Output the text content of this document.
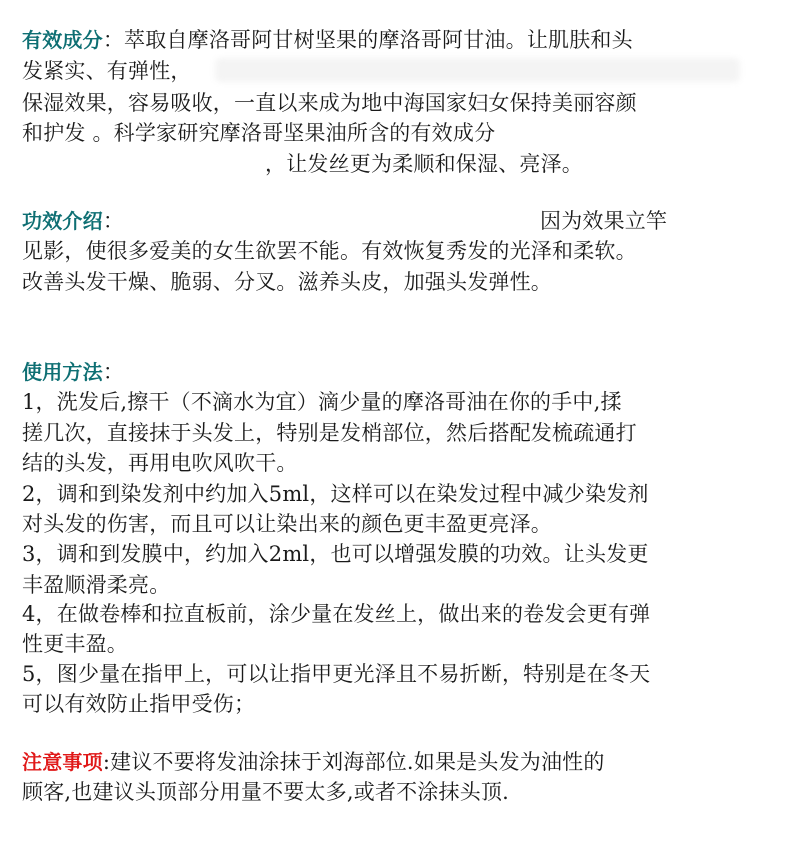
有效成分：萃取自摩洛哥阿甘树坚果的摩洛哥阿甘油。让肌肤和头
发紧实、有弹性，
保湿效果，容易吸收，一直以来成为地中海国家妇女保持美丽容颜
和护发 。科学家研究摩洛哥坚果油所含的有效成分
，让发丝更为柔顺和保湿、亮泽。
功效介绍：	因为效果立竿
见影，使很多爱美的女生欲罢不能。有效恢复秀发的光泽和柔软。
改善头发干燥、脆弱、分叉。滋养头皮，加强头发弹性。
使用方法：
1，洗发后,擦干（不滴水为宜）滴少量的摩洛哥油在你的手中,揉
搓几次，直接抹于头发上，特别是发梢部位，然后搭配发梳疏通打
结的头发，再用电吹风吹干。
2，调和到染发剂中约加入5ml，这样可以在染发过程中减少染发剂
对头发的伤害，而且可以让染出来的颜色更丰盈更亮泽。
3，调和到发膜中，约加入2ml，也可以增强发膜的功效。让头发更
丰盈顺滑柔亮。
4，在做卷棒和拉直板前，涂少量在发丝上，做出来的卷发会更有弹
性更丰盈。
5，图少量在指甲上，可以让指甲更光泽且不易折断，特别是在冬天
可以有效防止指甲受伤；
注意事项:建议不要将发油涂抹于刘海部位.如果是头发为油性的
顾客,也建议头顶部分用量不要太多,或者不涂抹头顶.
